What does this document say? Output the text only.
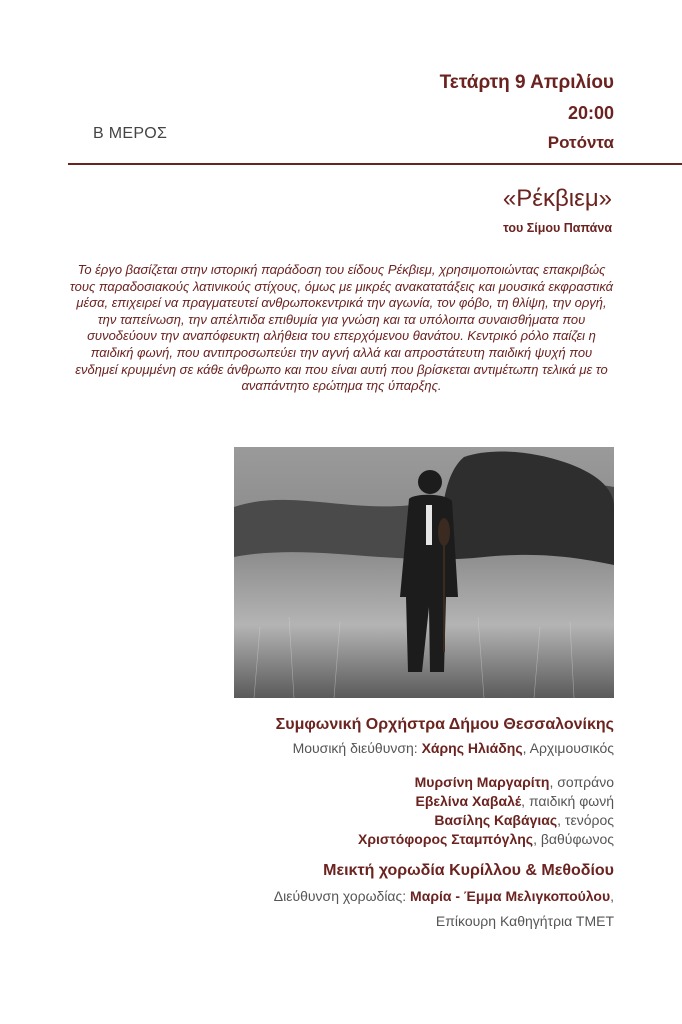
Τετάρτη 9 Απριλίου
20:00
Ροτόντα
Β ΜΕΡΟΣ
«Ρέκβιεμ»
του Σίμου Παπάνα

Το έργο βασίζεται στην ιστορική παράδοση του είδους Ρέκβιεμ, χρησιμοποιώντας επακριβώς τους παραδοσιακούς λατινικούς στίχους, όμως με μικρές ανακατατάξεις και μουσικά εκφραστικά μέσα, επιχειρεί να πραγματευτεί ανθρωποκεντρικά την αγωνία, τον φόβο, τη θλίψη, την οργή, την ταπείνωση, την απέλπιδα επιθυμία για γνώση και τα υπόλοιπα συναισθήματα που συνοδεύουν την αναπόφευκτη αλήθεια του επερχόμενου θανάτου. Κεντρικό ρόλο παίζει η παιδική φωνή, που αντιπροσωπεύει την αγνή αλλά και απροστάτευτη παιδική ψυχή που ενδημεί κρυμμένη σε κάθε άνθρωπο και που είναι αυτή που βρίσκεται αντιμέτωπη τελικά με το αναπάντητο ερώτημα της ύπαρξης.

Συμφωνική Ορχήστρα Δήμου Θεσσαλονίκης
Μουσική διεύθυνση: Χάρης Ηλιάδης, Αρχιμουσικός
Μυρσίνη Μαργαρίτη, σοπράνο
Εβελίνα Χαβαλέ, παιδική φωνή
Βασίλης Καβάγιας, τενόρος
Χριστόφορος Σταμπόγλης, βαθύφωνος
Μεικτή χορωδία Κυρίλλου & Μεθοδίου
Διεύθυνση χορωδίας: Μαρία - Έμμα Μελιγκοπούλου,
Επίκουρη Καθηγήτρια ΤΜΕΤ
